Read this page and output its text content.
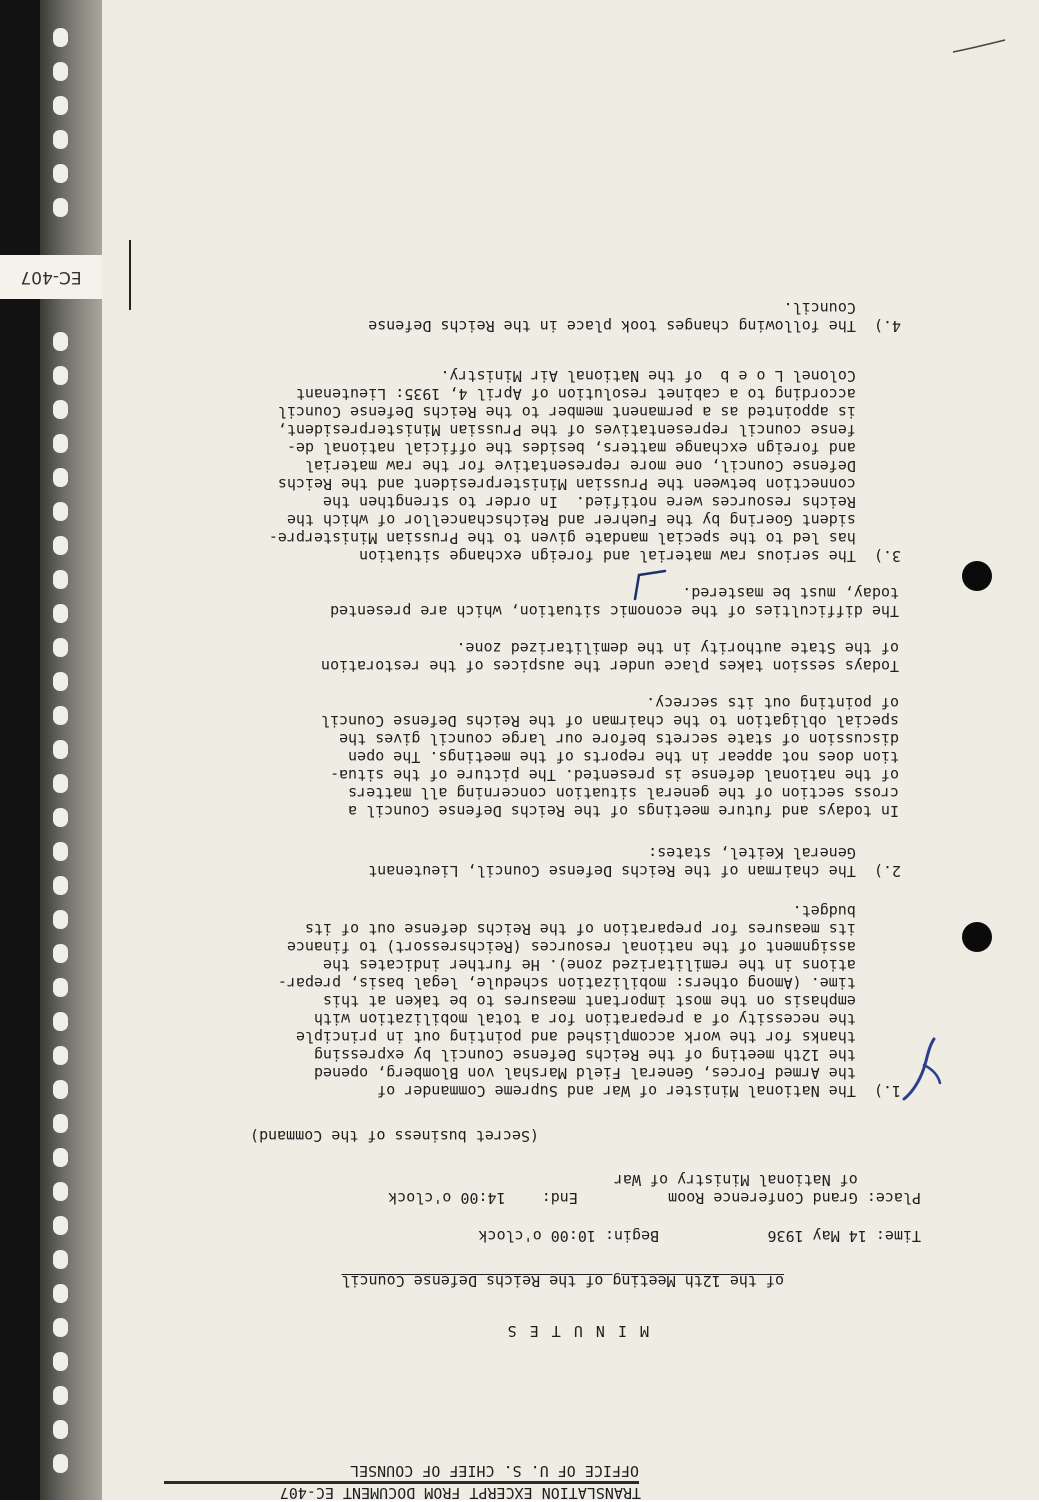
EC-407
TRANSLATION EXCERPT FROM DOCUMENT EC-407
OFFICE OF U. S. CHIEF OF COUNSEL
M I N U T E S
of the 12th Meeting of the Reichs Defense Council
Time: 14 May 1936            Begin: 10:00 o'clock
Place: Grand Conference Room          End:    14:00 o'clock
of National Ministry of War
(Secret business of the Command)
1.)  The National Minister of War and Supreme Commander of
the Armed Forces, General Field Marshal von Blomberg, opened
the 12th meeting of the Reichs Defense Council by expressing
thanks for the work accomplished and pointing out in principle
the necessity of a preparation for a total mobilization with
emphasis on the most important measures to be taken at this
time. (Among others: mobilization schedule, legal basis, prepar-
ations in the remilitarized zone). He further indicates the
assignment of the national resources (Reichsressort) to finance
its measures for preparation of the Reichs defense out of its
budget.
2.)  The chairman of the Reichs Defense Council, Lieutenant
General Keitel, states:
In todays and future meetings of the Reichs Defense Council a
cross section of the general situation concerning all matters
of the national defense is presented. The picture of the situa-
tion does not appear in the reports of the meetings. The open
discussion of state secrets before our large council gives the
special obligation to the chairman of the Reichs Defense Council
of pointing out its secrecy.
Todays session takes place under the auspices of the restoration
of the State authority in the demilitarized zone.
The difficulties of the economic situation, which are presented
today, must be mastered.
3.)  The serious raw material and foreign exchange situation
has led to the special mandate given to the Prussian Ministerpre-
sident Goering by the Fuehrer and Reichschancellor of which the
Reichs resources were notified.  In order to strengthen the
connection between the Prussian Ministerpresident and the Reichs
Defense Council, one more representative for the raw material
and foreign exchange matters, besides the official national de-
fense council representatives of the Prussian Ministerpresident,
is appointed as a permanent member to the Reichs Defense Council
according to a cabinet resolution of April 4, 1935: Lieutenant
Colonel L o e b  of the National Air Ministry.
4.)  The following changes took place in the Reichs Defense
Council.
